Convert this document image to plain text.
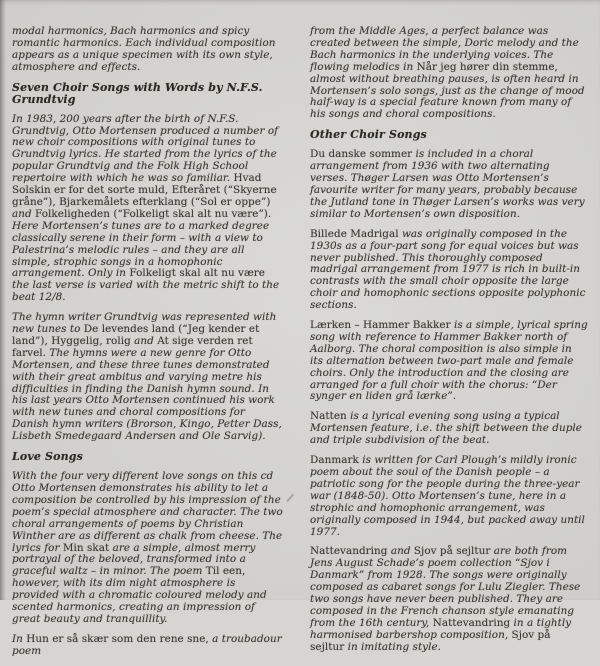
modal harmonics, Bach harmonics and spicy romantic harmonics. Each individual composition appears as a unique specimen with its own style, atmosphere and effects.

Seven Choir Songs with Words by N.F.S. Grundtvig

In 1983, 200 years after the birth of N.F.S. Grundtvig, Otto Mortensen produced a number of new choir compositions with original tunes to Grundtvig lyrics. He started from the lyrics of the popular Grundtvig and the Folk High School repertoire with which he was so familiar. Hvad Solskin er for det sorte muld, Efteråret (“Skyerne gråne”), Bjarkemålets efterklang (“Sol er oppe”) and Folkeligheden (“Folkeligt skal alt nu være”). Here Mortensen’s tunes are to a marked degree classically serene in their form – with a view to Palestrina’s melodic rules – and they are all simple, strophic songs in a homophonic arrangement. Only in Folkeligt skal alt nu være the last verse is varied with the metric shift to the beat 12/8.

The hymn writer Grundtvig was represented with new tunes to De levendes land (“Jeg kender et land”), Hyggelig, rolig and At sige verden ret farvel. The hymns were a new genre for Otto Mortensen, and these three tunes demonstrated with their great ambitus and varying metre his difficulties in finding the Danish hymn sound. In his last years Otto Mortensen continued his work with new tunes and choral compositions for Danish hymn writers (Brorson, Kingo, Petter Dass, Lisbeth Smedegaard Andersen and Ole Sarvig).

Love Songs

With the four very different love songs on this cd Otto Mortensen demonstrates his ability to let a composition be controlled by his impression of the poem’s special atmosphere and character. The two choral arrangements of poems by Christian Winther are as different as chalk from cheese. The lyrics for Min skat are a simple, almost merry portrayal of the beloved, transformed into a graceful waltz – in minor. The poem Til een, however, with its dim night atmosphere is provided with a chromatic coloured melody and scented harmonics, creating an impression of great beauty and tranquillity.

In Hun er så skær som den rene sne, a troubadour poem

from the Middle Ages, a perfect balance was created between the simple, Doric melody and the Bach harmonics in the underlying voices. The flowing melodics in Når jeg hører din stemme, almost without breathing pauses, is often heard in Mortensen’s solo songs, just as the change of mood half-way is a special feature known from many of his songs and choral compositions.

Other Choir Songs

Du danske sommer is included in a choral arrangement from 1936 with two alternating verses. Thøger Larsen was Otto Mortensen’s favourite writer for many years, probably because the Jutland tone in Thøger Larsen’s works was very similar to Mortensen’s own disposition.

Billede Madrigal was originally composed in the 1930s as a four-part song for equal voices but was never published. This thoroughly composed madrigal arrangement from 1977 is rich in built-in contrasts with the small choir opposite the large choir and homophonic sections opposite polyphonic sections.

Lærken – Hammer Bakker is a simple, lyrical spring song with reference to Hammer Bakker north of Aalborg. The choral composition is also simple in its alternation between two-part male and female choirs. Only the introduction and the closing are arranged for a full choir with the chorus: “Der synger en liden grå lærke”.

Natten is a lyrical evening song using a typical Mortensen feature, i.e. the shift between the duple and triple subdivision of the beat.

Danmark is written for Carl Plough’s mildly ironic poem about the soul of the Danish people – a patriotic song for the people during the three-year war (1848-50). Otto Mortensen’s tune, here in a strophic and homophonic arrangement, was originally composed in 1944, but packed away until 1977.

Nattevandring and Sjov på sejltur are both from Jens August Schade’s poem collection “Sjov i Danmark” from 1928. The songs were originally composed as cabaret songs for Lulu Ziegler. These two songs have never been published. They are composed in the French chanson style emanating from the 16th century, Nattevandring in a tightly harmonised barbershop composition, Sjov på sejltur in imitating style.
